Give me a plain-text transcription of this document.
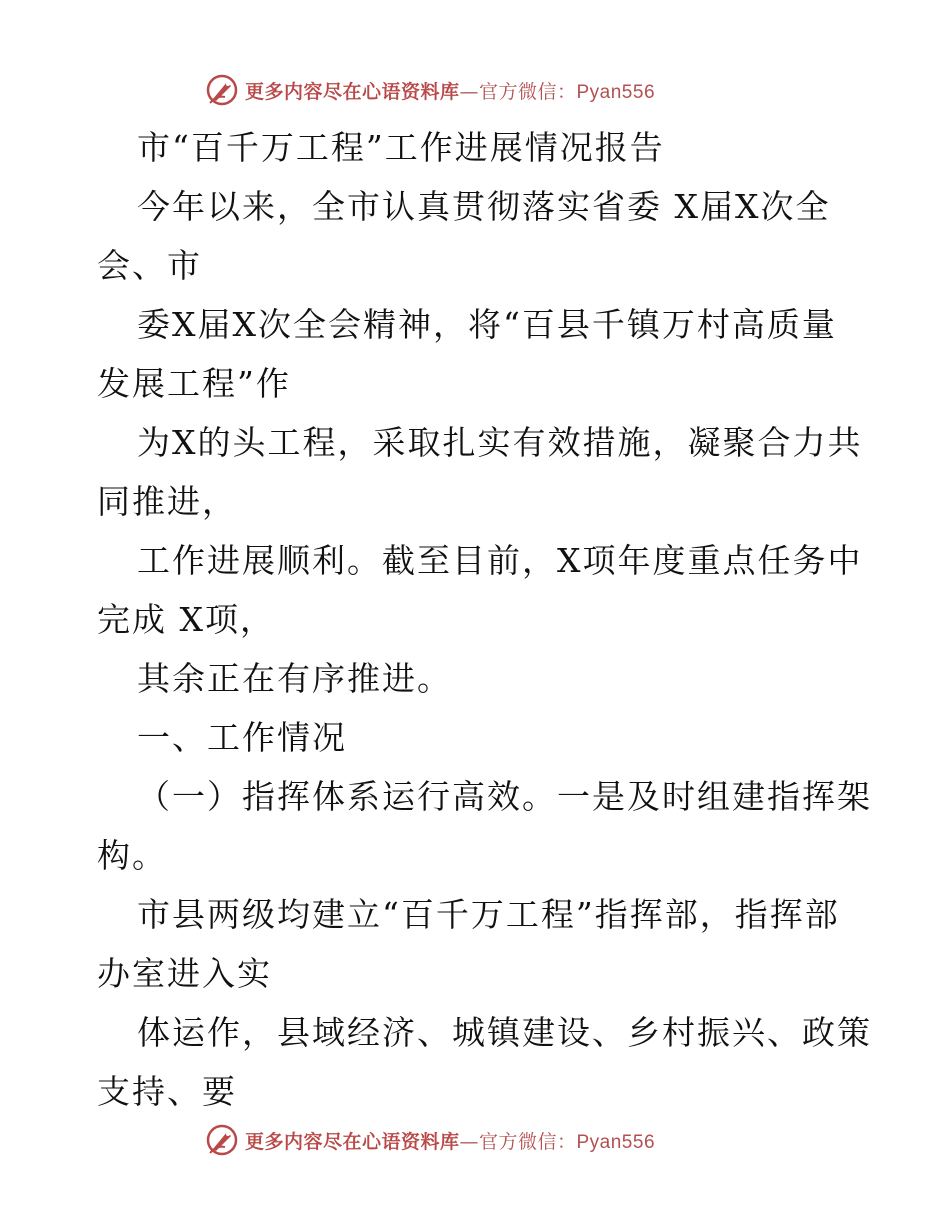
更多内容尽在心语资料库—官方微信：Pyan556

市“百千万工程”工作进展情况报告

今年以来，全市认真贯彻落实省委 X届X次全

会、市

委X届X次全会精神，将“百县千镇万村高质量

发展工程”作

为X的头工程，采取扎实有效措施，凝聚合力共

同推进，

工作进展顺利。截至目前，X项年度重点任务中

完成 X项，

其余正在有序推进。

一、工作情况

（一）指挥体系运行高效。一是及时组建指挥架

构。

市县两级均建立“百千万工程”指挥部，指挥部

办室进入实

体运作，县域经济、城镇建设、乡村振兴、政策

支持、要

更多内容尽在心语资料库—官方微信：Pyan556
